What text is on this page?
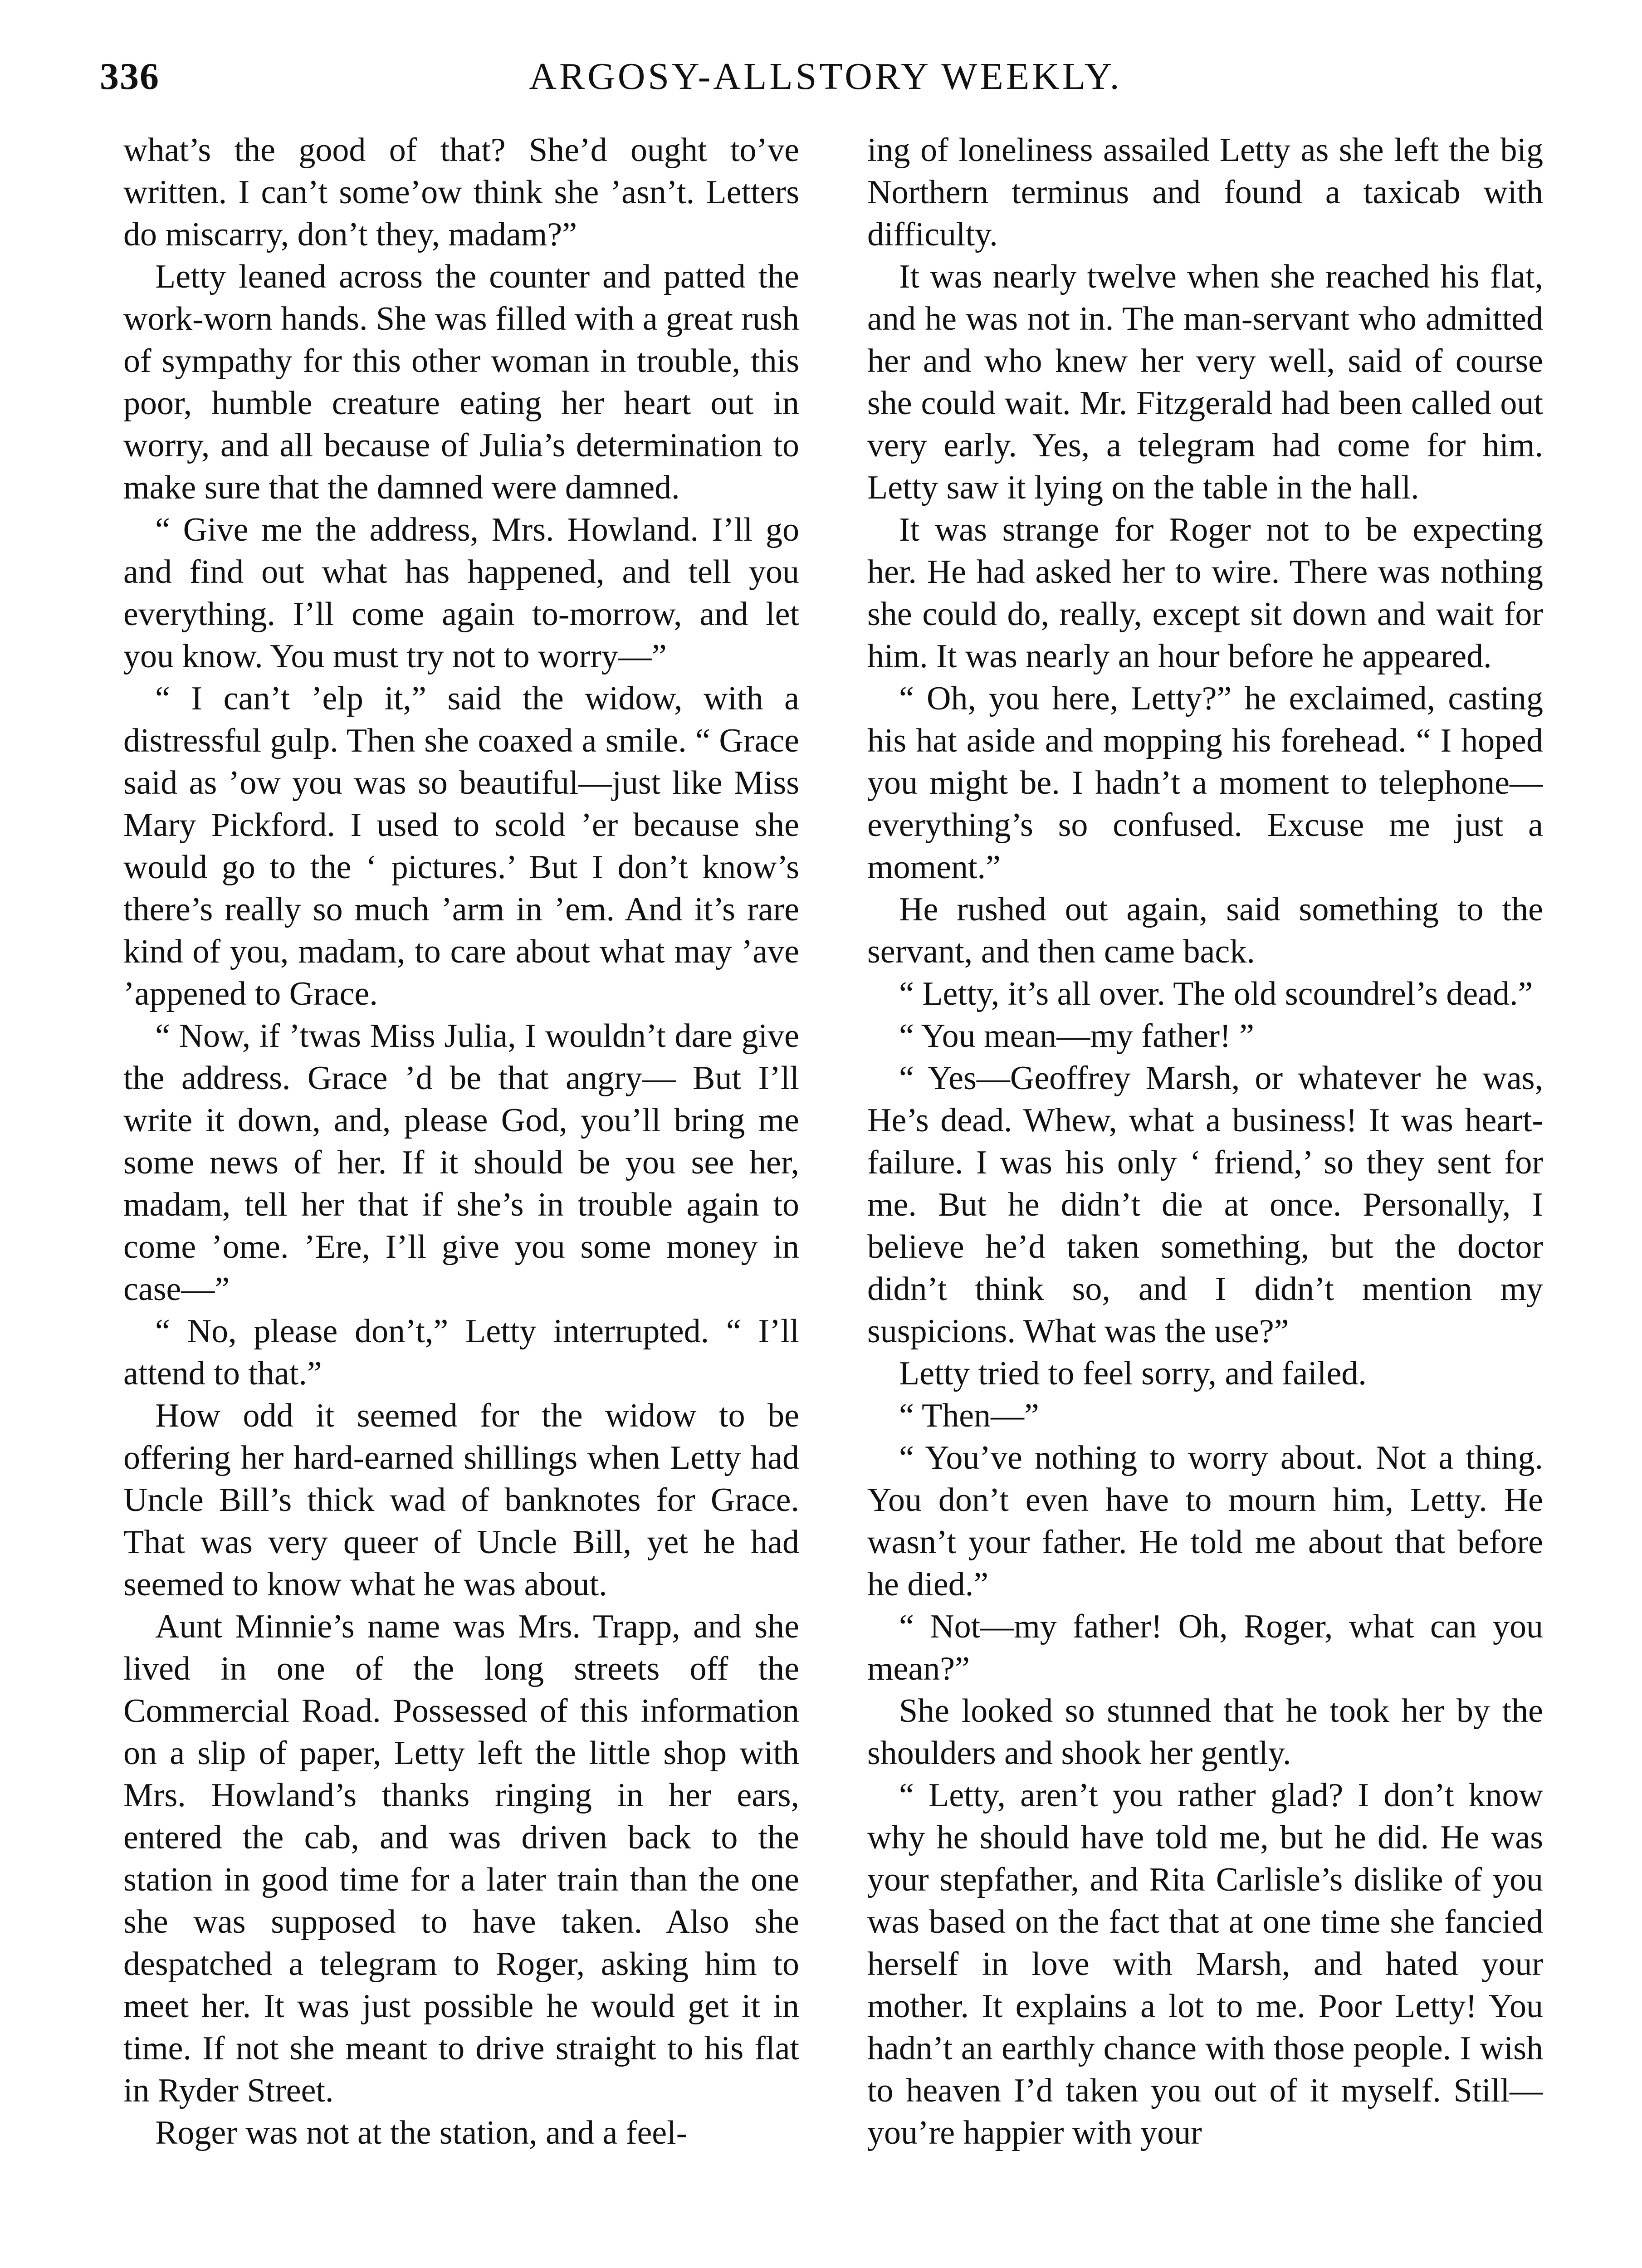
336	ARGOSY-ALLSTORY WEEKLY.

what’s the good of that? She’d ought to’ve written. I can’t some’ow think she ’asn’t. Letters do miscarry, don’t they, madam?”

Letty leaned across the counter and patted the work-worn hands. She was filled with a great rush of sympathy for this other woman in trouble, this poor, humble creature eating her heart out in worry, and all because of Julia’s determination to make sure that the damned were damned.

“ Give me the address, Mrs. Howland. I’ll go and find out what has happened, and tell you everything. I’ll come again to-morrow, and let you know. You must try not to worry—”

“ I can’t ’elp it,” said the widow, with a distressful gulp. Then she coaxed a smile. “ Grace said as ’ow you was so beautiful—just like Miss Mary Pickford. I used to scold ’er because she would go to the ‘ pictures.’ But I don’t know’s there’s really so much ’arm in ’em. And it’s rare kind of you, madam, to care about what may ’ave ’appened to Grace.

“ Now, if ’twas Miss Julia, I wouldn’t dare give the address. Grace ’d be that angry— But I’ll write it down, and, please God, you’ll bring me some news of her. If it should be you see her, madam, tell her that if she’s in trouble again to come ’ome. ’Ere, I’ll give you some money in case—”

“ No, please don’t,” Letty interrupted. “ I’ll attend to that.”

How odd it seemed for the widow to be offering her hard-earned shillings when Letty had Uncle Bill’s thick wad of banknotes for Grace. That was very queer of Uncle Bill, yet he had seemed to know what he was about.

Aunt Minnie’s name was Mrs. Trapp, and she lived in one of the long streets off the Commercial Road. Possessed of this information on a slip of paper, Letty left the little shop with Mrs. Howland’s thanks ringing in her ears, entered the cab, and was driven back to the station in good time for a later train than the one she was supposed to have taken. Also she despatched a telegram to Roger, asking him to meet her. It was just possible he would get it in time. If not she meant to drive straight to his flat in Ryder Street.

Roger was not at the station, and a feel-

ing of loneliness assailed Letty as she left the big Northern terminus and found a taxicab with difficulty.

It was nearly twelve when she reached his flat, and he was not in. The man-servant who admitted her and who knew her very well, said of course she could wait. Mr. Fitzgerald had been called out very early. Yes, a telegram had come for him. Letty saw it lying on the table in the hall.

It was strange for Roger not to be expecting her. He had asked her to wire. There was nothing she could do, really, except sit down and wait for him. It was nearly an hour before he appeared.

“ Oh, you here, Letty?” he exclaimed, casting his hat aside and mopping his forehead. “ I hoped you might be. I hadn’t a moment to telephone—everything’s so confused. Excuse me just a moment.”

He rushed out again, said something to the servant, and then came back.

“ Letty, it’s all over. The old scoundrel’s dead.”

“ You mean—my father! ”

“ Yes—Geoffrey Marsh, or whatever he was, He’s dead. Whew, what a business! It was heart-failure. I was his only ‘ friend,’ so they sent for me. But he didn’t die at once. Personally, I believe he’d taken something, but the doctor didn’t think so, and I didn’t mention my suspicions. What was the use?”

Letty tried to feel sorry, and failed.

“ Then—”

“ You’ve nothing to worry about. Not a thing. You don’t even have to mourn him, Letty. He wasn’t your father. He told me about that before he died.”

“ Not—my father! Oh, Roger, what can you mean?”

She looked so stunned that he took her by the shoulders and shook her gently.

“ Letty, aren’t you rather glad? I don’t know why he should have told me, but he did. He was your stepfather, and Rita Carlisle’s dislike of you was based on the fact that at one time she fancied herself in love with Marsh, and hated your mother. It explains a lot to me. Poor Letty! You hadn’t an earthly chance with those people. I wish to heaven I’d taken you out of it myself. Still—you’re happier with your
